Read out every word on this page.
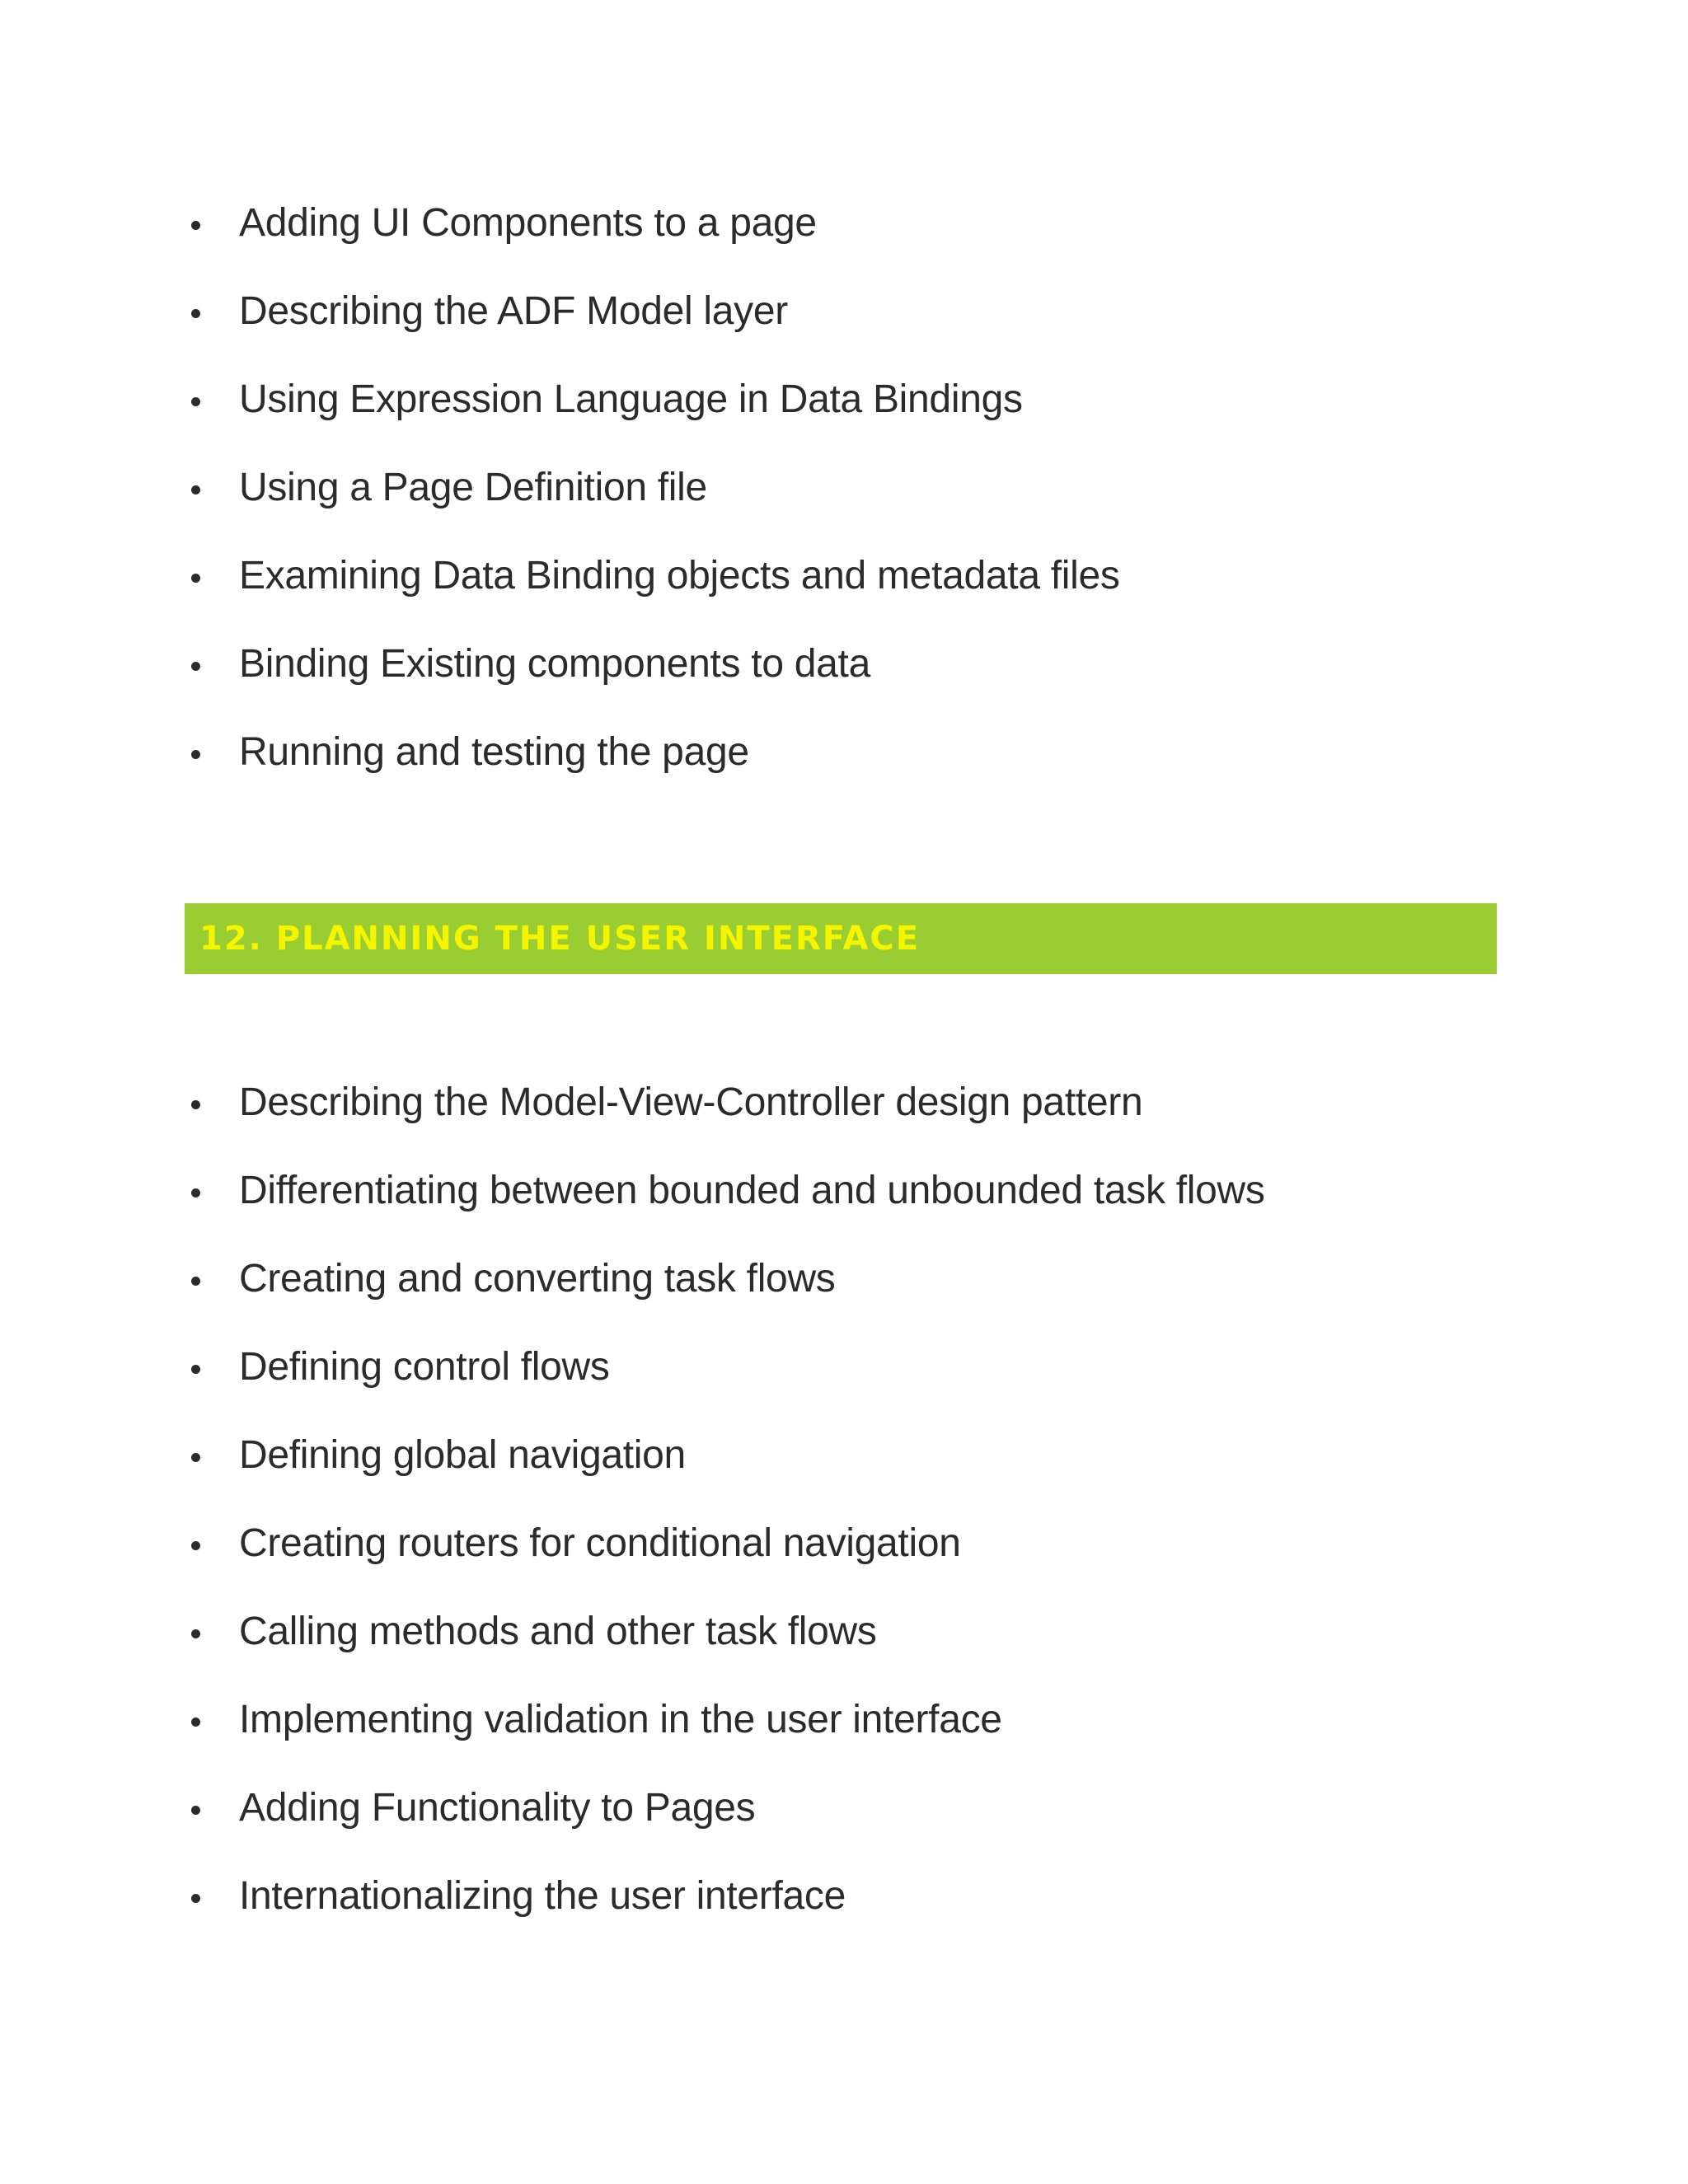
Adding UI Components to a page
Describing the ADF Model layer
Using Expression Language in Data Bindings
Using a Page Definition file
Examining Data Binding objects and metadata files
Binding Existing components to data
Running and testing the page
12. PLANNING THE USER INTERFACE
Describing the Model-View-Controller design pattern
Differentiating between bounded and unbounded task flows
Creating and converting task flows
Defining control flows
Defining global navigation
Creating routers for conditional navigation
Calling methods and other task flows
Implementing validation in the user interface
Adding Functionality to Pages
Internationalizing the user interface
